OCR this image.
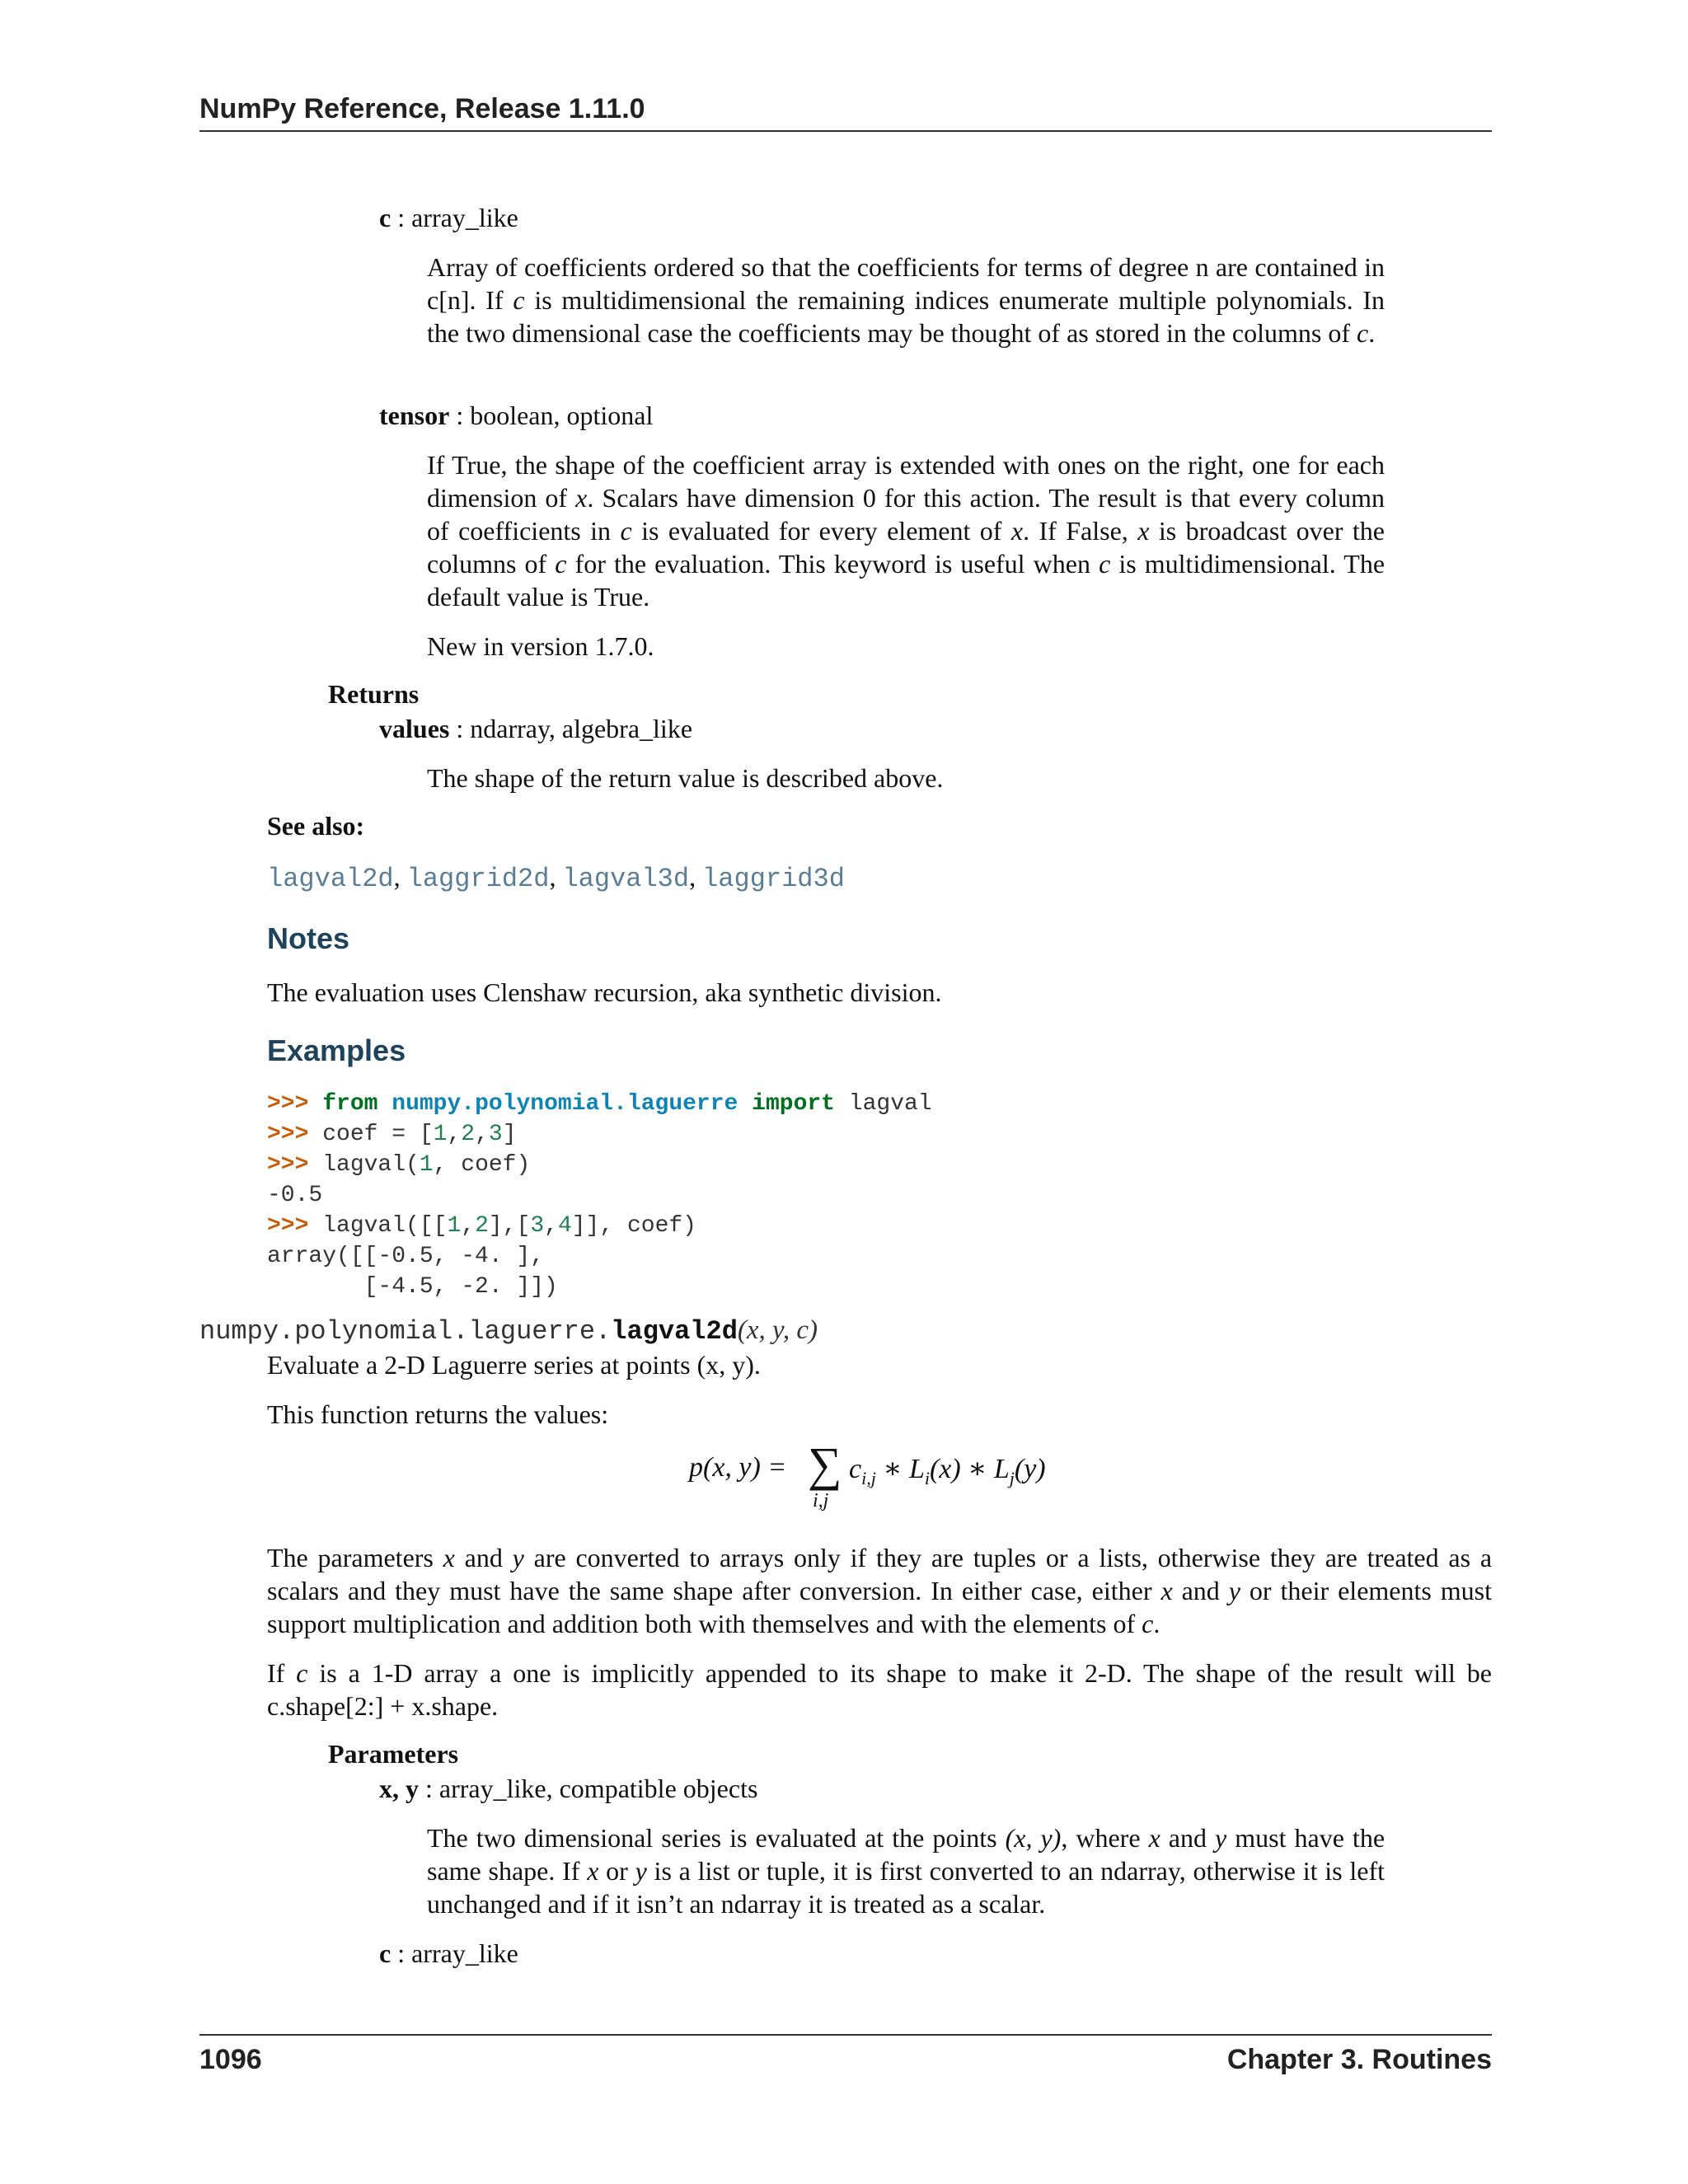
NumPy Reference, Release 1.11.0
c : array_like
Array of coefficients ordered so that the coefficients for terms of degree n are contained in c[n]. If c is multidimensional the remaining indices enumerate multiple polynomials. In the two dimensional case the coefficients may be thought of as stored in the columns of c.
tensor : boolean, optional
If True, the shape of the coefficient array is extended with ones on the right, one for each dimension of x. Scalars have dimension 0 for this action. The result is that every column of coefficients in c is evaluated for every element of x. If False, x is broadcast over the columns of c for the evaluation. This keyword is useful when c is multidimensional. The default value is True.
New in version 1.7.0.
Returns
values : ndarray, algebra_like
The shape of the return value is described above.
See also:
lagval2d, laggrid2d, lagval3d, laggrid3d
Notes
The evaluation uses Clenshaw recursion, aka synthetic division.
Examples
>>> from numpy.polynomial.laguerre import lagval
>>> coef = [1,2,3]
>>> lagval(1, coef)
-0.5
>>> lagval([[1,2],[3,4]], coef)
array([[-0.5, -4. ],
[-4.5, -2. ]])
numpy.polynomial.laguerre.lagval2d(x, y, c)
Evaluate a 2-D Laguerre series at points (x, y).
This function returns the values:
p(x, y) = ∑
i,j
$c_{i,j}$ ∗ $L_i(x)$ ∗ $L_j(y)$
The parameters x and y are converted to arrays only if they are tuples or a lists, otherwise they are treated as a scalars and they must have the same shape after conversion. In either case, either x and y or their elements must support multiplication and addition both with themselves and with the elements of c.
If c is a 1-D array a one is implicitly appended to its shape to make it 2-D. The shape of the result will be c.shape[2:] + x.shape.
Parameters
x, y : array_like, compatible objects
The two dimensional series is evaluated at the points (x, y), where x and y must have the same shape. If x or y is a list or tuple, it is first converted to an ndarray, otherwise it is left unchanged and if it isn’t an ndarray it is treated as a scalar.
c : array_like
1096	Chapter 3. Routines
